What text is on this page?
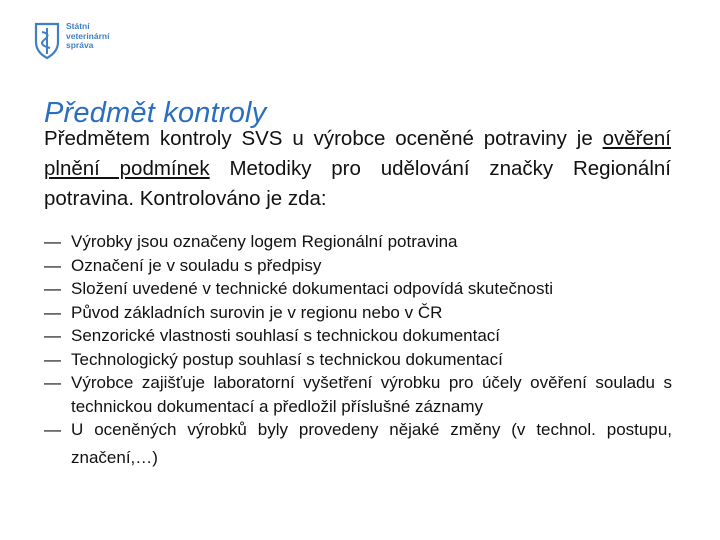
Státní
veterinární
správa
Předmět kontroly

Předmětem kontroly SVS u výrobce oceněné potraviny je ověření plnění podmínek Metodiky pro udělování značky Regionální potravina. Kontrolováno je zda:

— Výrobky jsou označeny logem Regionální potravina
— Označení je v souladu s předpisy
— Složení uvedené v technické dokumentaci odpovídá skutečnosti
— Původ základních surovin je v regionu nebo v ČR
— Senzorické vlastnosti souhlasí s technickou dokumentací
— Technologický postup souhlasí s technickou dokumentací
— Výrobce zajišťuje laboratorní vyšetření výrobku pro účely ověření souladu s technickou dokumentací a předložil příslušné záznamy
— U oceněných výrobků byly provedeny nějaké změny (v technol. postupu, značení,…)
